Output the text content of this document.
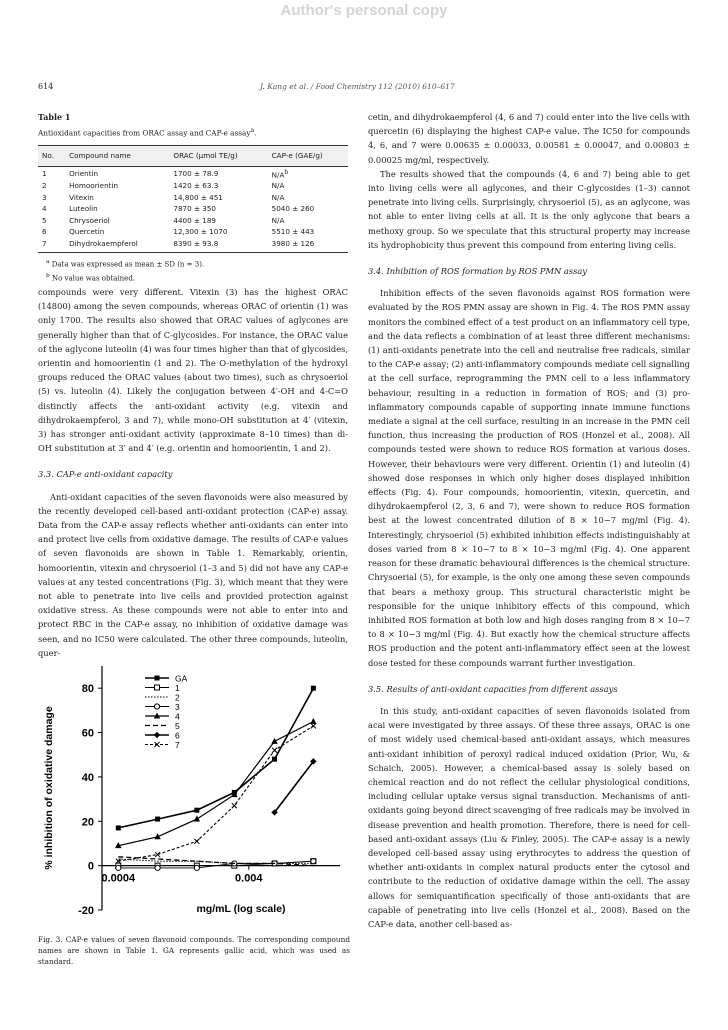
Author's personal copy
614	J. Kang et al. / Food Chemistry 112 (2010) 610–617
Table 1
Antioxidant capacities from ORAC assay and CAP-e assay$^a$.
No.	Compound name	ORAC (μmol TE/g)	CAP-e (GAE/g)
1	Orientin	1700 ± 78.9	$N/A^b$
2	Homoorientin	1420 ± 63.3	N/A
3	Vitexin	14,800 ± 451	N/A
4	Luteolin	7870 ± 350	5040 ± 260
5	Chrysoeriol	4400 ± 189	N/A
6	Quercetin	12,300 ± 1070	5510 ± 443
7	Dihydrokaempferol	8390 ± 93.8	3980 ± 126
$^a$ Data was expressed as mean ± SD (n = 3).
$^b$ No value was obtained.

compounds were very different. Vitexin (3) has the highest ORAC (14800) among the seven compounds, whereas ORAC of orientin (1) was only 1700. The results also showed that ORAC values of aglycones are generally higher than that of C-glycosides. For instance, the ORAC value of the aglycone luteolin (4) was four times higher than that of glycosides, orientin and homoorientin (1 and 2). The O-methylation of the hydroxyl groups reduced the ORAC values (about two times), such as chrysoeriol (5) vs. luteolin (4). Likely the conjugation between 4′-OH and 4-C=O distinctly affects the anti-oxidant activity (e.g. vitexin and dihydrokaempferol, 3 and 7), while mono-OH substitution at 4′ (vitexin, 3) has stronger anti-oxidant activity (approximate 8–10 times) than di-OH substitution at 3′ and 4′ (e.g. orientin and homoorientin, 1 and 2).

3.3. CAP-e anti-oxidant capacity

Anti-oxidant capacities of the seven flavonoids were also measured by the recently developed cell-based anti-oxidant protection (CAP-e) assay. Data from the CAP-e assay reflects whether anti-oxidants can enter into and protect live cells from oxidative damage. The results of CAP-e values of seven flavonoids are shown in Table 1. Remarkably, orientin, homoorientin, vitexin and chrysoeriol (1–3 and 5) did not have any CAP-e values at any tested concentrations (Fig. 3), which meant that they were not able to penetrate into live cells and provided protection against oxidative stress. As these compounds were not able to enter into and protect RBC in the CAP-e assay, no inhibition of oxidative damage was seen, and no IC50 were calculated. The other three compounds, luteolin, quer-

80
60
40
20
0
-20
0.0004	0.004
mg/mL (log scale)
% inhibition of oxidative damage
GA
1
2
3
4
5
6
7
Fig. 3. CAP-e values of seven flavonoid compounds. The corresponding compound names are shown in Table 1. GA represents gallic acid, which was used as standard.

cetin, and dihydrokaempferol (4, 6 and 7) could enter into the live cells with quercetin (6) displaying the highest CAP-e value. The IC50 for compounds 4, 6, and 7 were 0.00635 ± 0.00033, 0.00581 ± 0.00047, and 0.00803 ± 0.00025 mg/ml, respectively.

The results showed that the compounds (4, 6 and 7) being able to get into living cells were all aglycones, and their C-glycosides (1–3) cannot penetrate into living cells. Surprisingly, chrysoeriol (5), as an aglycone, was not able to enter living cells at all. It is the only aglycone that bears a methoxy group. So we speculate that this structural property may increase its hydrophobicity thus prevent this compound from entering living cells.

3.4. Inhibition of ROS formation by ROS PMN assay

Inhibition effects of the seven flavonoids against ROS formation were evaluated by the ROS PMN assay are shown in Fig. 4. The ROS PMN assay monitors the combined effect of a test product on an inflammatory cell type, and the data reflects a combination of at least three different mechanisms: (1) anti-oxidants penetrate into the cell and neutralise free radicals, similar to the CAP-e assay; (2) anti-inflammatory compounds mediate cell signalling at the cell surface, reprogramming the PMN cell to a less inflammatory behaviour, resulting in a reduction in formation of ROS; and (3) pro-inflammatory compounds capable of supporting innate immune functions mediate a signal at the cell surface, resulting in an increase in the PMN cell function, thus increasing the production of ROS (Honzel et al., 2008). All compounds tested were shown to reduce ROS formation at various doses. However, their behaviours were very different. Orientin (1) and luteolin (4) showed dose responses in which only higher doses displayed inhibition effects (Fig. 4). Four compounds, homoorientin, vitexin, quercetin, and dihydrokaempferol (2, 3, 6 and 7), were shown to reduce ROS formation best at the lowest concentrated dilution of 8 × 10−7 mg/ml (Fig. 4). Interestingly, chrysoeriol (5) exhibited inhibition effects indistinguishably at doses varied from 8 × 10−7 to 8 × 10−3 mg/ml (Fig. 4). One apparent reason for these dramatic behavioural differences is the chemical structure. Chrysoerial (5), for example, is the only one among these seven compounds that bears a methoxy group. This structural characteristic might be responsible for the unique inhibitory effects of this compound, which inhibited ROS formation at both low and high doses ranging from 8 × 10−7 to 8 × 10−3 mg/ml (Fig. 4). But exactly how the chemical structure affects ROS production and the potent anti-inflammatory effect seen at the lowest dose tested for these compounds warrant further investigation.

3.5. Results of anti-oxidant capacities from different assays

In this study, anti-oxidant capacities of seven flavonoids isolated from acai were investigated by three assays. Of these three assays, ORAC is one of most widely used chemical-based anti-oxidant assays, which measures anti-oxidant inhibition of peroxyl radical induced oxidation (Prior, Wu, & Schaich, 2005). However, a chemical-based assay is solely based on chemical reaction and do not reflect the cellular physiological conditions, including cellular uptake versus signal transduction. Mechanisms of anti-oxidants going beyond direct scavenging of free radicals may be involved in disease prevention and health promotion. Therefore, there is need for cell-based anti-oxidant assays (Liu & Finley, 2005). The CAP-e assay is a newly developed cell-based assay using erythrocytes to address the question of whether anti-oxidants in complex natural products enter the cytosol and contribute to the reduction of oxidative damage within the cell. The assay allows for semiquantification specifically of those anti-oxidants that are capable of penetrating into live cells (Honzel et al., 2008). Based on the CAP-e data, another cell-based as-
